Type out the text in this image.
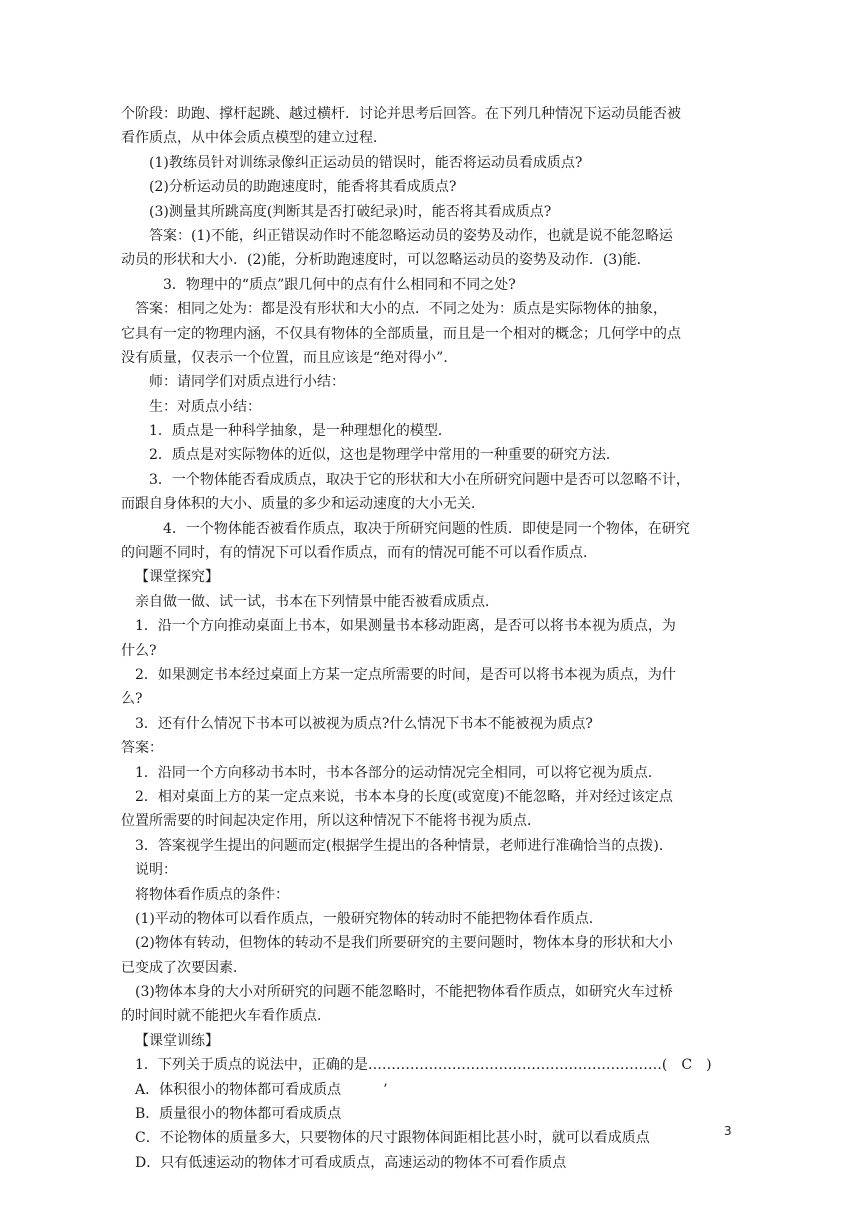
个阶段：助跑、撑杆起跳、越过横杆．讨论并思考后回答。在下列几种情况下运动员能否被
看作质点，从中体会质点模型的建立过程．
(1)教练员针对训练录像纠正运动员的错误时，能否将运动员看成质点?
(2)分析运动员的助跑速度时，能香将其看成质点?
(3)测量其所跳高度(判断其是否打破纪录)时，能否将其看成质点?
答案：(1)不能，纠正错误动作时不能忽略运动员的姿势及动作，也就是说不能忽略运
动员的形状和大小．(2)能，分析助跑速度时，可以忽略运动员的姿势及动作．(3)能．
3．物理中的“质点”跟几何中的点有什么相同和不同之处?
答案：相同之处为：都是没有形状和大小的点．不同之处为：质点是实际物体的抽象，
它具有一定的物理内涵，不仅具有物体的全部质量，而且是一个相对的概念；几何学中的点
没有质量，仅表示一个位置，而且应该是“绝对得小”．
师：请同学们对质点进行小结：
生：对质点小结：
1．质点是一种科学抽象，是一种理想化的模型．
2．质点是对实际物体的近似，这也是物理学中常用的一种重要的研究方法．
3．一个物体能否看成质点，取决于它的形状和大小在所研究问题中是否可以忽略不计，
而跟自身体积的大小、质量的多少和运动速度的大小无关．
4．一个物体能否被看作质点，取决于所研究问题的性质．即使是同一个物体，在研究
的问题不同时，有的情况下可以看作质点，而有的情况可能不可以看作质点．
【课堂探究】
亲自做一做、试一试，书本在下列情景中能否被看成质点．
1．沿一个方向推动桌面上书本，如果测量书本移动距离，是否可以将书本视为质点，为
什么?
2．如果测定书本经过桌面上方某一定点所需要的时间，是否可以将书本视为质点，为什
么?
3．还有什么情况下书本可以被视为质点?什么情况下书本不能被视为质点?
答案：
1．沿同一个方向移动书本时，书本各部分的运动情况完全相同，可以将它视为质点．
2．相对桌面上方的某一定点来说，书本本身的长度(或宽度)不能忽略，并对经过该定点
位置所需要的时间起决定作用，所以这种情况下不能将书视为质点．
3．答案视学生提出的问题而定(根据学生提出的各种情景，老师进行准确恰当的点拨)．
说明：
将物体看作质点的条件：
(1)平动的物体可以看作质点，一般研究物体的转动时不能把物体看作质点．
(2)物体有转动，但物体的转动不是我们所要研究的主要问题时，物体本身的形状和大小
已变成了次要因素．
(3)物体本身的大小对所研究的问题不能忽略时，不能把物体看作质点，如研究火车过桥
的时间时就不能把火车看作质点．
【课堂训练】
1．下列关于质点的说法中，正确的是………………………………………………………(　C　)
A．体积很小的物体都可看成质点　　　’
B．质量很小的物体都可看成质点
C．不论物体的质量多大，只要物体的尺寸跟物体间距相比甚小时，就可以看成质点
D．只有低速运动的物体才可看成质点，高速运动的物体不可看作质点
3
